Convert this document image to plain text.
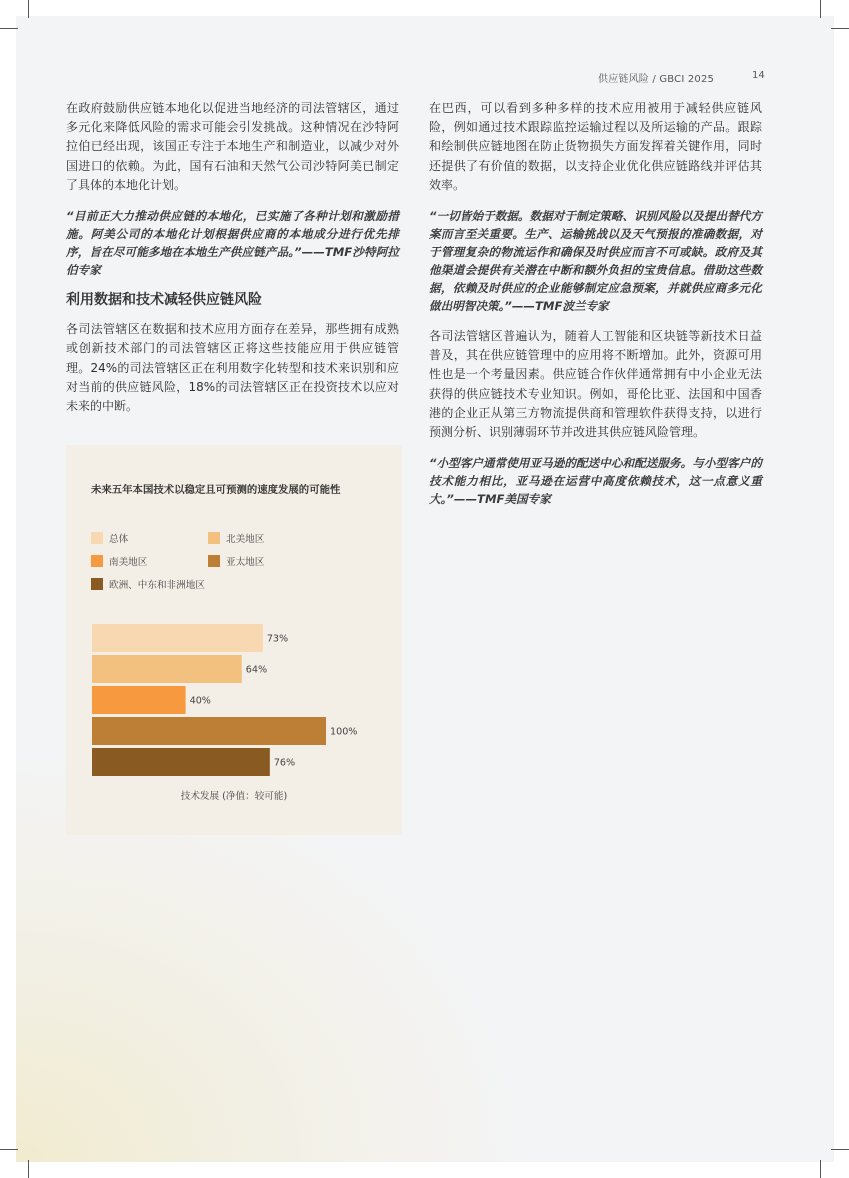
供应链风险 / GBCI 2025	14

在政府鼓励供应链本地化以促进当地经济的司法管辖区，通过多元化来降低风险的需求可能会引发挑战。这种情况在沙特阿拉伯已经出现，该国正专注于本地生产和制造业，以减少对外国进口的依赖。为此，国有石油和天然气公司沙特阿美已制定了具体的本地化计划。

“目前正大力推动供应链的本地化，已实施了各种计划和激励措施。阿美公司的本地化计划根据供应商的本地成分进行优先排序，旨在尽可能多地在本地生产供应链产品。”——TMF沙特阿拉伯专家

利用数据和技术减轻供应链风险

各司法管辖区在数据和技术应用方面存在差异，那些拥有成熟或创新技术部门的司法管辖区正将这些技能应用于供应链管理。24%的司法管辖区正在利用数字化转型和技术来识别和应对当前的供应链风险，18%的司法管辖区正在投资技术以应对未来的中断。

在巴西，可以看到多种多样的技术应用被用于减轻供应链风险，例如通过技术跟踪监控运输过程以及所运输的产品。跟踪和绘制供应链地图在防止货物损失方面发挥着关键作用，同时还提供了有价值的数据，以支持企业优化供应链路线并评估其效率。

“一切皆始于数据。数据对于制定策略、识别风险以及提出替代方案而言至关重要。生产、运输挑战以及天气预报的准确数据，对于管理复杂的物流运作和确保及时供应而言不可或缺。政府及其他渠道会提供有关潜在中断和额外负担的宝贵信息。借助这些数据，依赖及时供应的企业能够制定应急预案，并就供应商多元化做出明智决策。”——TMF波兰专家

各司法管辖区普遍认为，随着人工智能和区块链等新技术日益普及，其在供应链管理中的应用将不断增加。此外，资源可用性也是一个考量因素。供应链合作伙伴通常拥有中小企业无法获得的供应链技术专业知识。例如，哥伦比亚、法国和中国香港的企业正从第三方物流提供商和管理软件获得支持，以进行预测分析、识别薄弱环节并改进其供应链风险管理。

“小型客户通常使用亚马逊的配送中心和配送服务。与小型客户的技术能力相比，亚马逊在运营中高度依赖技术，这一点意义重大。”——TMF美国专家

未来五年本国技术以稳定且可预测的速度发展的可能性
总体	北美地区
南美地区	亚太地区
欧洲、中东和非洲地区
73%
64%
40%
100%
76%
技术发展 (净值：较可能)
